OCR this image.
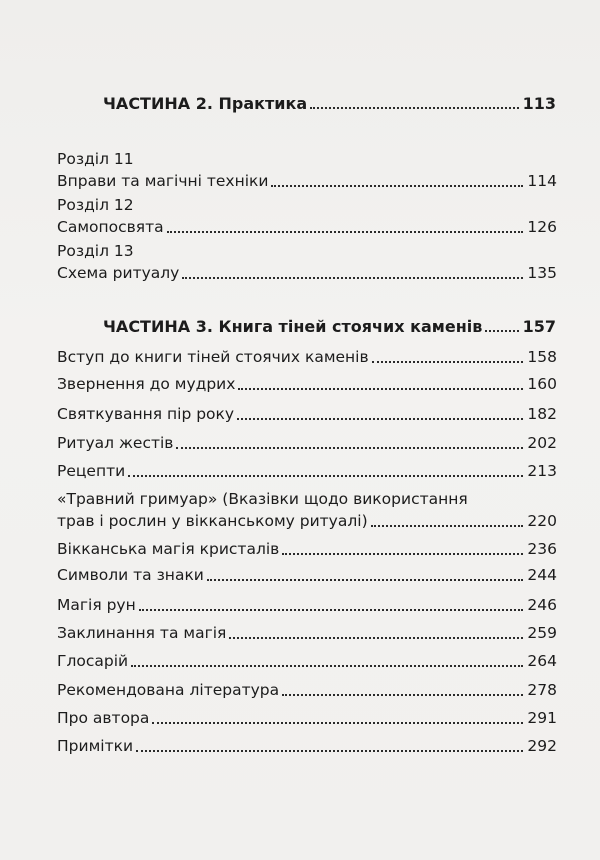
ЧАСТИНА 2. Практика	113
Розділ 11
Вправи та магічні техніки	114
Розділ 12
Самопосвята	126
Розділ 13
Схема ритуалу	135
ЧАСТИНА 3. Книга тіней стоячих каменів	157
Вступ до книги тіней стоячих каменів	158
Звернення до мудрих	160
Святкування пір року	182
Ритуал жестів	202
Рецепти	213
«Травний гримуар» (Вказівки щодо використання
трав і рослин у вікканському ритуалі)	220
Вікканська магія кристалів	236
Символи та знаки	244
Магія рун	246
Заклинання та магія	259
Глосарій	264
Рекомендована література	278
Про автора	291
Примітки	292
